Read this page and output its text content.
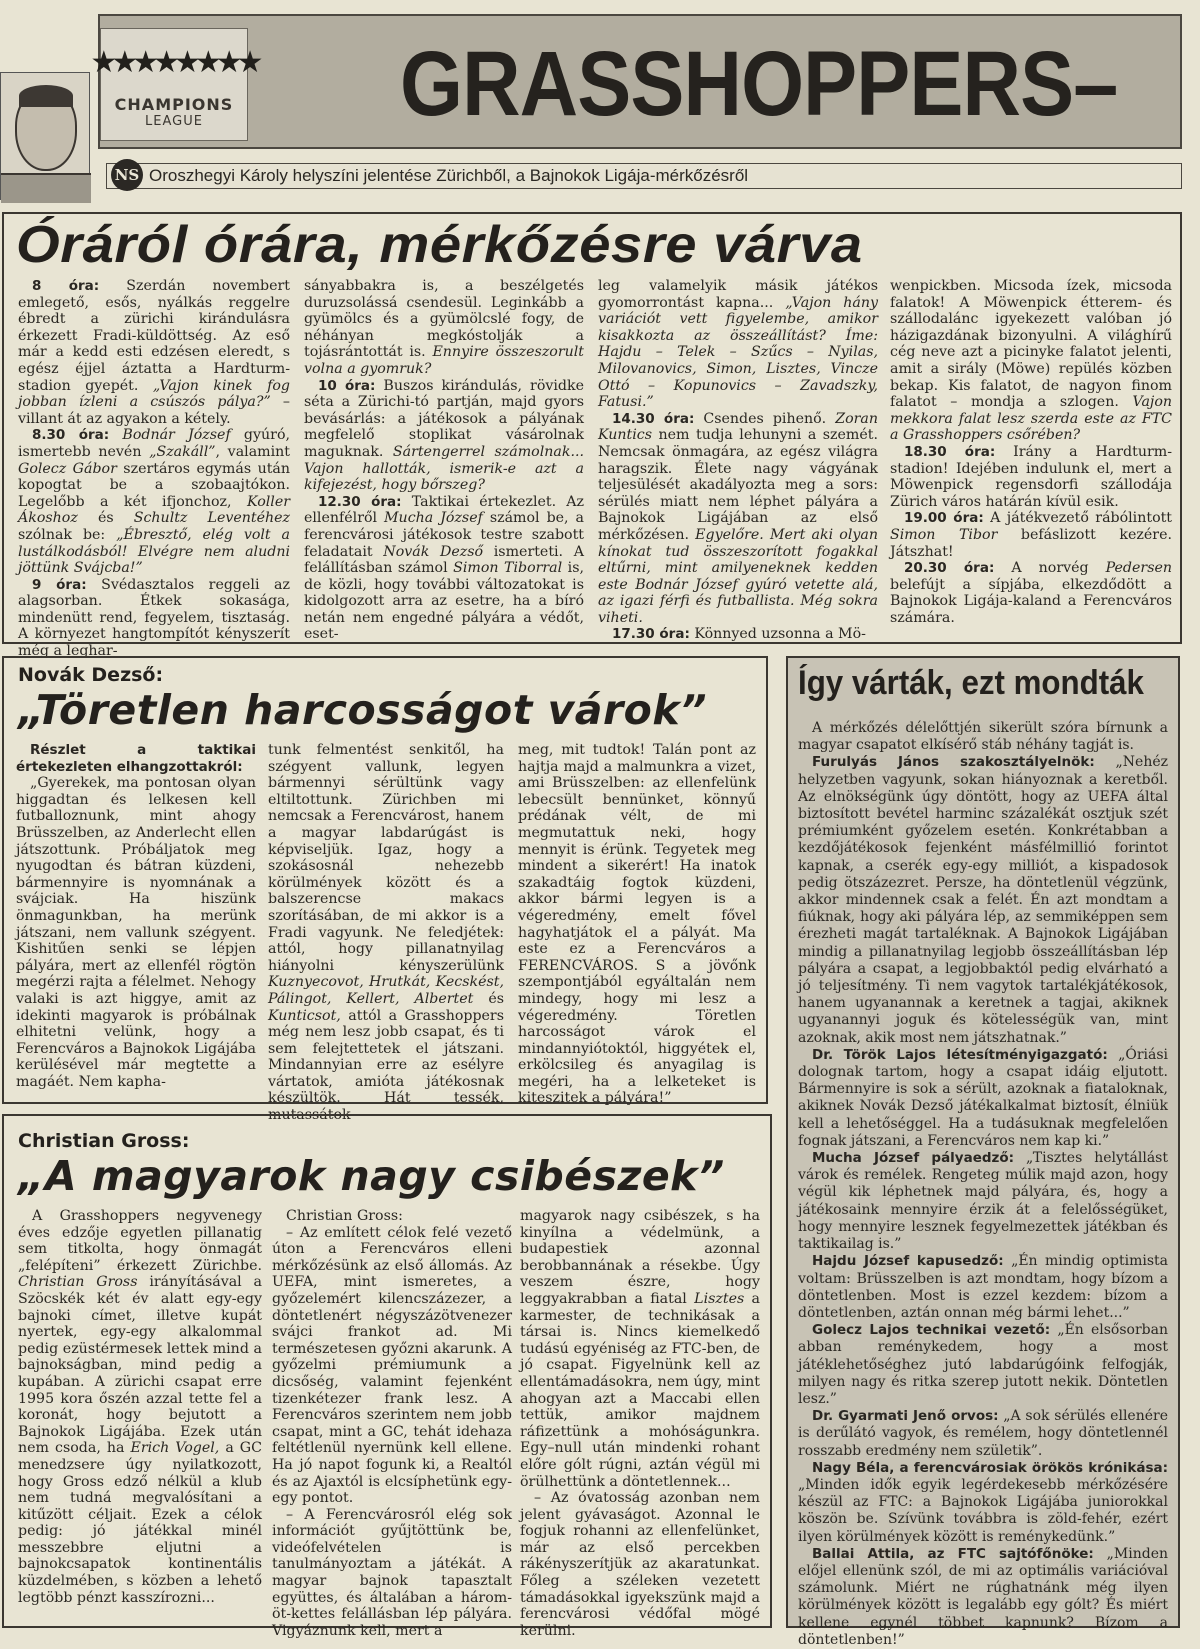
★★★★★★★★
CHAMPIONS
LEAGUE GRASSHOPPERS–
NS Oroszhegyi Károly helyszíni jelentése Zürichből, a Bajnokok Ligája-mérkőzésről
Óráról órára, mérkőzésre várva

8 óra: Szerdán novembert emlegető, esős, nyálkás reggelre ébredt a zürichi kirándulásra érkezett Fradi-küldöttség. Az eső már a kedd esti edzésen eleredt, s egész éjjel áztatta a Hardturm-stadion gyepét. „Vajon kinek fog jobban ízleni a csúszós pálya?” – villant át az agyakon a kétely.

8.30 óra: Bodnár József gyúró, ismertebb nevén „Szakáll”, valamint Golecz Gábor szertáros egymás után kopogtat be a szobaajtókon. Legelőbb a két ifjonchoz, Koller Ákoshoz és Schultz Leventéhez szólnak be: „Ébresztő, elég volt a lustálkodásból! Elvégre nem aludni jöttünk Svájcba!”

9 óra: Svédasztalos reggeli az alagsorban. Étkek sokasága, mindenütt rend, fegyelem, tisztaság. A környezet hangtompítót kényszerít még a leghar-

sányabbakra is, a beszélgetés duruzsolássá csendesül. Leginkább a gyümölcs és a gyümölcslé fogy, de néhányan megkóstolják a tojásrántottát is. Ennyire összeszorult volna a gyomruk?

10 óra: Buszos kirándulás, rövidke séta a Zürichi-tó partján, majd gyors bevásárlás: a játékosok a pályának megfelelő stoplikat vásárolnak maguknak. Sártengerrel számolnak... Vajon hallották, ismerik-e azt a kifejezést, hogy bőrszeg?

12.30 óra: Taktikai értekezlet. Az ellenfélről Mucha József számol be, a ferencvárosi játékosok testre szabott feladatait Novák Dezső ismerteti. A felállításban számol Simon Tiborral is, de közli, hogy további változatokat is kidolgozott arra az esetre, ha a bíró netán nem engedné pályára a védőt, eset-

leg valamelyik másik játékos gyomorrontást kapna... „Vajon hány variációt vett figyelembe, amikor kisakkozta az összeállítást? Íme: Hajdu – Telek – Szűcs – Nyilas, Milovanovics, Simon, Lisztes, Vincze Ottó – Kopunovics – Zavadszky, Fatusi.”

14.30 óra: Csendes pihenő. Zoran Kuntics nem tudja lehunyni a szemét. Nemcsak önmagára, az egész világra haragszik. Élete nagy vágyának teljesülését akadályozta meg a sors: sérülés miatt nem léphet pályára a Bajnokok Ligájában az első mérkőzésen. Egyelőre. Mert aki olyan kínokat tud összeszorított fogakkal eltűrni, mint amilyeneknek kedden este Bodnár József gyúró vetette alá, az igazi férfi és futballista. Még sokra viheti.

17.30 óra: Könnyed uzsonna a Mö-

wenpickben. Micsoda ízek, micsoda falatok! A Möwenpick étterem- és szállodalánc igyekezett valóban jó házigazdának bizonyulni. A világhírű cég neve azt a picinyke falatot jelenti, amit a sirály (Möwe) repülés közben bekap. Kis falatot, de nagyon finom falatot – mondja a szlogen. Vajon mekkora falat lesz szerda este az FTC a Grasshoppers csőrében?

18.30 óra: Irány a Hardturm-stadion! Idejében indulunk el, mert a Möwenpick regensdorfi szállodája Zürich város határán kívül esik.

19.00 óra: A játékvezető rábólintott Simon Tibor befáslizott kezére. Játszhat!

20.30 óra: A norvég Pedersen belefújt a sípjába, elkezdődött a Bajnokok Ligája-kaland a Ferencváros számára.

Novák Dezső:
„Töretlen harcosságot várok”

Részlet a taktikai értekezleten elhangzottakról:

„Gyerekek, ma pontosan olyan higgadtan és lelkesen kell futballoznunk, mint ahogy Brüsszelben, az Anderlecht ellen játszottunk. Próbáljatok meg nyugodtan és bátran küzdeni, bármennyire is nyomnának a svájciak. Ha hiszünk önmagunkban, ha merünk játszani, nem vallunk szégyent. Kishitűen senki se lépjen pályára, mert az ellenfél rögtön megérzi rajta a félelmet. Nehogy valaki is azt higgye, amit az idekinti magyarok is próbálnak elhitetni velünk, hogy a Ferencváros a Bajnokok Ligájába kerülésével már megtette a magáét. Nem kapha-

tunk felmentést senkitől, ha szégyent vallunk, legyen bármennyi sérültünk vagy eltiltottunk. Zürichben mi nemcsak a Ferencvárost, hanem a magyar labdarúgást is képviseljük. Igaz, hogy a szokásosnál nehezebb körülmények között és a balszerencse makacs szorításában, de mi akkor is a Fradi vagyunk. Ne feledjétek: attól, hogy pillanatnyilag hiányolni kényszerülünk Kuznyecovot, Hrutkát, Kecskést, Pálingot, Kellert, Albertet és Kunticsot, attól a Grasshoppers még nem lesz jobb csapat, és ti sem felejtettetek el játszani. Mindannyian erre az esélyre vártatok, amióta játékosnak készültök. Hát tessék, mutassátok

meg, mit tudtok! Talán pont az hajtja majd a malmunkra a vizet, ami Brüsszelben: az ellenfelünk lebecsült bennünket, könnyű prédának vélt, de mi megmutattuk neki, hogy mennyit is érünk. Tegyetek meg mindent a sikerért! Ha inatok szakadtáig fogtok küzdeni, akkor bármi legyen is a végeredmény, emelt fővel hagyhatjátok el a pályát. Ma este ez a Ferencváros a FERENCVÁROS. S a jövőnk szempontjából egyáltalán nem mindegy, hogy mi lesz a végeredmény. Töretlen harcosságot várok el mindannyiótoktól, higgyétek el, erkölcsileg és anyagilag is megéri, ha a lelketeket is kiteszitek a pályára!”

Christian Gross:
„A magyarok nagy csibészek”

A Grasshoppers negyvenegy éves edzője egyetlen pillanatig sem titkolta, hogy önmagát „felépíteni” érkezett Zürichbe. Christian Gross irányításával a Szöcskék két év alatt egy-egy bajnoki címet, illetve kupát nyertek, egy-egy alkalommal pedig ezüstérmesek lettek mind a bajnokságban, mind pedig a kupában. A zürichi csapat erre 1995 kora őszén azzal tette fel a koronát, hogy bejutott a Bajnokok Ligájába. Ezek után nem csoda, ha Erich Vogel, a GC menedzsere úgy nyilatkozott, hogy Gross edző nélkül a klub nem tudná megvalósítani a kitűzött céljait. Ezek a célok pedig: jó játékkal minél messzebbre eljutni a bajnokcsapatok kontinentális küzdelmében, s közben a lehető legtöbb pénzt kasszírozni...

Christian Gross:

– Az említett célok felé vezető úton a Ferencváros elleni mérkőzésünk az első állomás. Az UEFA, mint ismeretes, a győzelemért kilencszázezer, a döntetlenért négyszázötvenezer svájci frankot ad. Mi természetesen győzni akarunk. A győzelmi prémiumunk a dicsőség, valamint fejenként tizenkétezer frank lesz. A Ferencváros szerintem nem jobb csapat, mint a GC, tehát idehaza feltétlenül nyernünk kell ellene. Ha jó napot fogunk ki, a Realtól és az Ajaxtól is elcsíphetünk egy-egy pontot.

– A Ferencvárosról elég sok információt gyűjtöttünk be, videófelvételen is tanulmányoztam a játékát. A magyar bajnok tapasztalt együttes, és általában a három-öt-kettes felállásban lép pályára. Vigyáznunk kell, mert a

magyarok nagy csibészek, s ha kinyílna a védelmünk, a budapestiek azonnal berobbannának a résekbe. Úgy veszem észre, hogy leggyakrabban a fiatal Lisztes a karmester, de technikásak a társai is. Nincs kiemelkedő tudású egyéniség az FTC-ben, de jó csapat. Figyelnünk kell az ellentámadásokra, nem úgy, mint ahogyan azt a Maccabi ellen tettük, amikor majdnem ráfizettünk a mohóságunkra. Egy–null után mindenki rohant előre gólt rúgni, aztán végül mi örülhettünk a döntetlennek...

– Az óvatosság azonban nem jelent gyávaságot. Azonnal le fogjuk rohanni az ellenfelünket, már az első percekben rákényszerítjük az akaratunkat. Főleg a széleken vezetett támadásokkal igyekszünk majd a ferencvárosi védőfal mögé kerülni.

Így várták, ezt mondták

A mérkőzés délelőttjén sikerült szóra bírnunk a magyar csapatot elkísérő stáb néhány tagját is.

Furulyás János szakosztályelnök: „Nehéz helyzetben vagyunk, sokan hiányoznak a keretből. Az elnökségünk úgy döntött, hogy az UEFA által biztosított bevétel harminc százalékát osztjuk szét prémiumként győzelem esetén. Konkrétabban a kezdőjátékosok fejenként másfélmillió forintot kapnak, a cserék egy-egy milliót, a kispadosok pedig ötszázezret. Persze, ha döntetlenül végzünk, akkor mindennek csak a felét. Én azt mondtam a fiúknak, hogy aki pályára lép, az semmiképpen sem érezheti magát tartaléknak. A Bajnokok Ligájában mindig a pillanatnyilag legjobb összeállításban lép pályára a csapat, a legjobbaktól pedig elvárható a jó teljesítmény. Ti nem vagytok tartalékjátékosok, hanem ugyanannak a keretnek a tagjai, akiknek ugyanannyi joguk és kötelességük van, mint azoknak, akik most nem játszhatnak.”

Dr. Török Lajos létesítményigazgató: „Óriási dolognak tartom, hogy a csapat idáig eljutott. Bármennyire is sok a sérült, azoknak a fiataloknak, akiknek Novák Dezső játékalkalmat biztosít, élniük kell a lehetőséggel. Ha a tudásuknak megfelelően fognak játszani, a Ferencváros nem kap ki.”

Mucha József pályaedző: „Tisztes helytállást várok és remélek. Rengeteg múlik majd azon, hogy végül kik léphetnek majd pályára, és, hogy a játékosaink mennyire érzik át a felelősségüket, hogy mennyire lesznek fegyelmezettek játékban és taktikailag is.”

Hajdu József kapusedző: „Én mindig optimista voltam: Brüsszelben is azt mondtam, hogy bízom a döntetlenben. Most is ezzel kezdem: bízom a döntetlenben, aztán onnan még bármi lehet...”

Golecz Lajos technikai vezető: „Én elsősorban abban reménykedem, hogy a most játéklehetőséghez jutó labdarúgóink felfogják, milyen nagy és ritka szerep jutott nekik. Döntetlen lesz.”

Dr. Gyarmati Jenő orvos: „A sok sérülés ellenére is derűlátó vagyok, és remélem, hogy döntetlennél rosszabb eredmény nem születik”.

Nagy Béla, a ferencvárosiak örökös krónikása: „Minden idők egyik legérdekesebb mérkőzésére készül az FTC: a Bajnokok Ligájába juniorokkal köszön be. Szívünk továbbra is zöld-fehér, ezért ilyen körülmények között is reménykedünk.”

Ballai Attila, az FTC sajtófőnöke: „Minden előjel ellenünk szól, de mi az optimális variációval számolunk. Miért ne rúghatnánk még ilyen körülmények között is legalább egy gólt? És miért kellene egynél többet kapnunk? Bízom a döntetlenben!”
